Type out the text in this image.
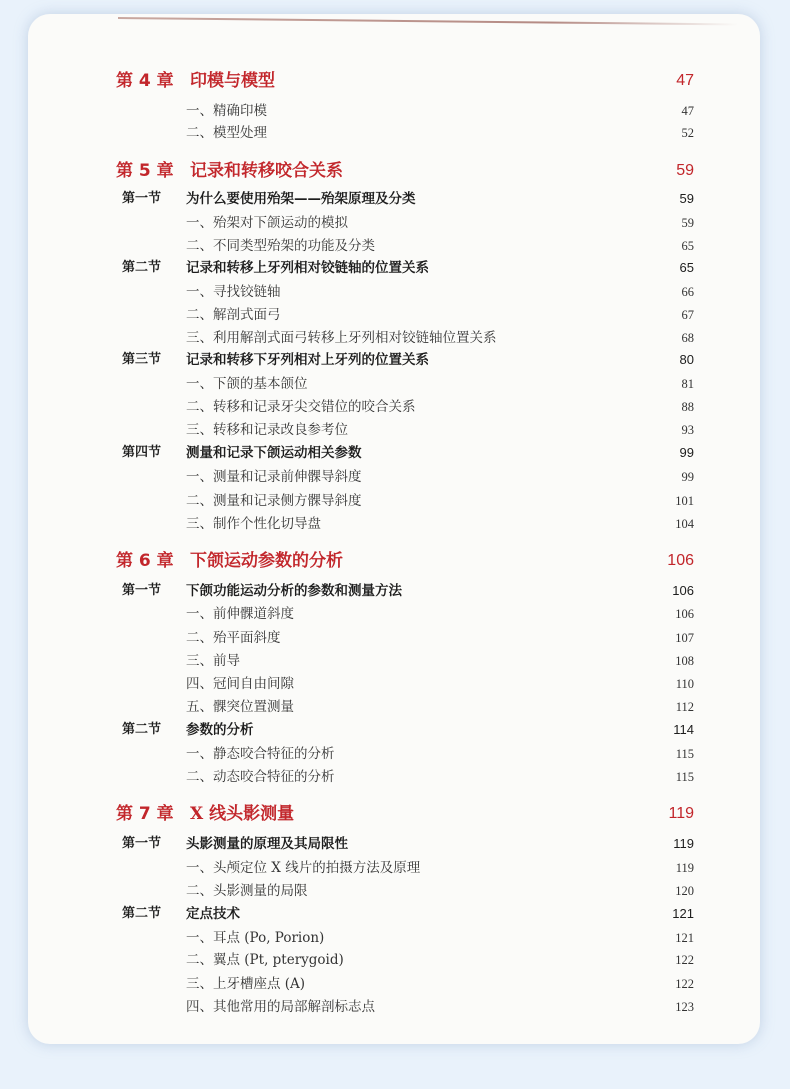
第 4 章 印模与模型	47
一、精确印模	47
二、模型处理	52
第 5 章 记录和转移咬合关系	59
第一节 为什么要使用殆架——殆架原理及分类	59
一、殆架对下颌运动的模拟	59
二、不同类型殆架的功能及分类	65
第二节 记录和转移上牙列相对铰链轴的位置关系	65
一、寻找铰链轴	66
二、解剖式面弓	67
三、利用解剖式面弓转移上牙列相对铰链轴位置关系	68
第三节 记录和转移下牙列相对上牙列的位置关系	80
一、下颌的基本颌位	81
二、转移和记录牙尖交错位的咬合关系	88
三、转移和记录改良参考位	93
第四节 测量和记录下颌运动相关参数	99
一、测量和记录前伸髁导斜度	99
二、测量和记录侧方髁导斜度	101
三、制作个性化切导盘	104
第 6 章 下颌运动参数的分析	106
第一节 下颌功能运动分析的参数和测量方法	106
一、前伸髁道斜度	106
二、殆平面斜度	107
三、前导	108
四、冠间自由间隙	110
五、髁突位置测量	112
第二节 参数的分析	114
一、静态咬合特征的分析	115
二、动态咬合特征的分析	115
第 7 章 X 线头影测量	119
第一节 头影测量的原理及其局限性	119
一、头颅定位 X 线片的拍摄方法及原理	119
二、头影测量的局限	120
第二节 定点技术	121
一、耳点 (Po, Porion)	121
二、翼点 (Pt, pterygoid)	122
三、上牙槽座点 (A)	122
四、其他常用的局部解剖标志点	123
